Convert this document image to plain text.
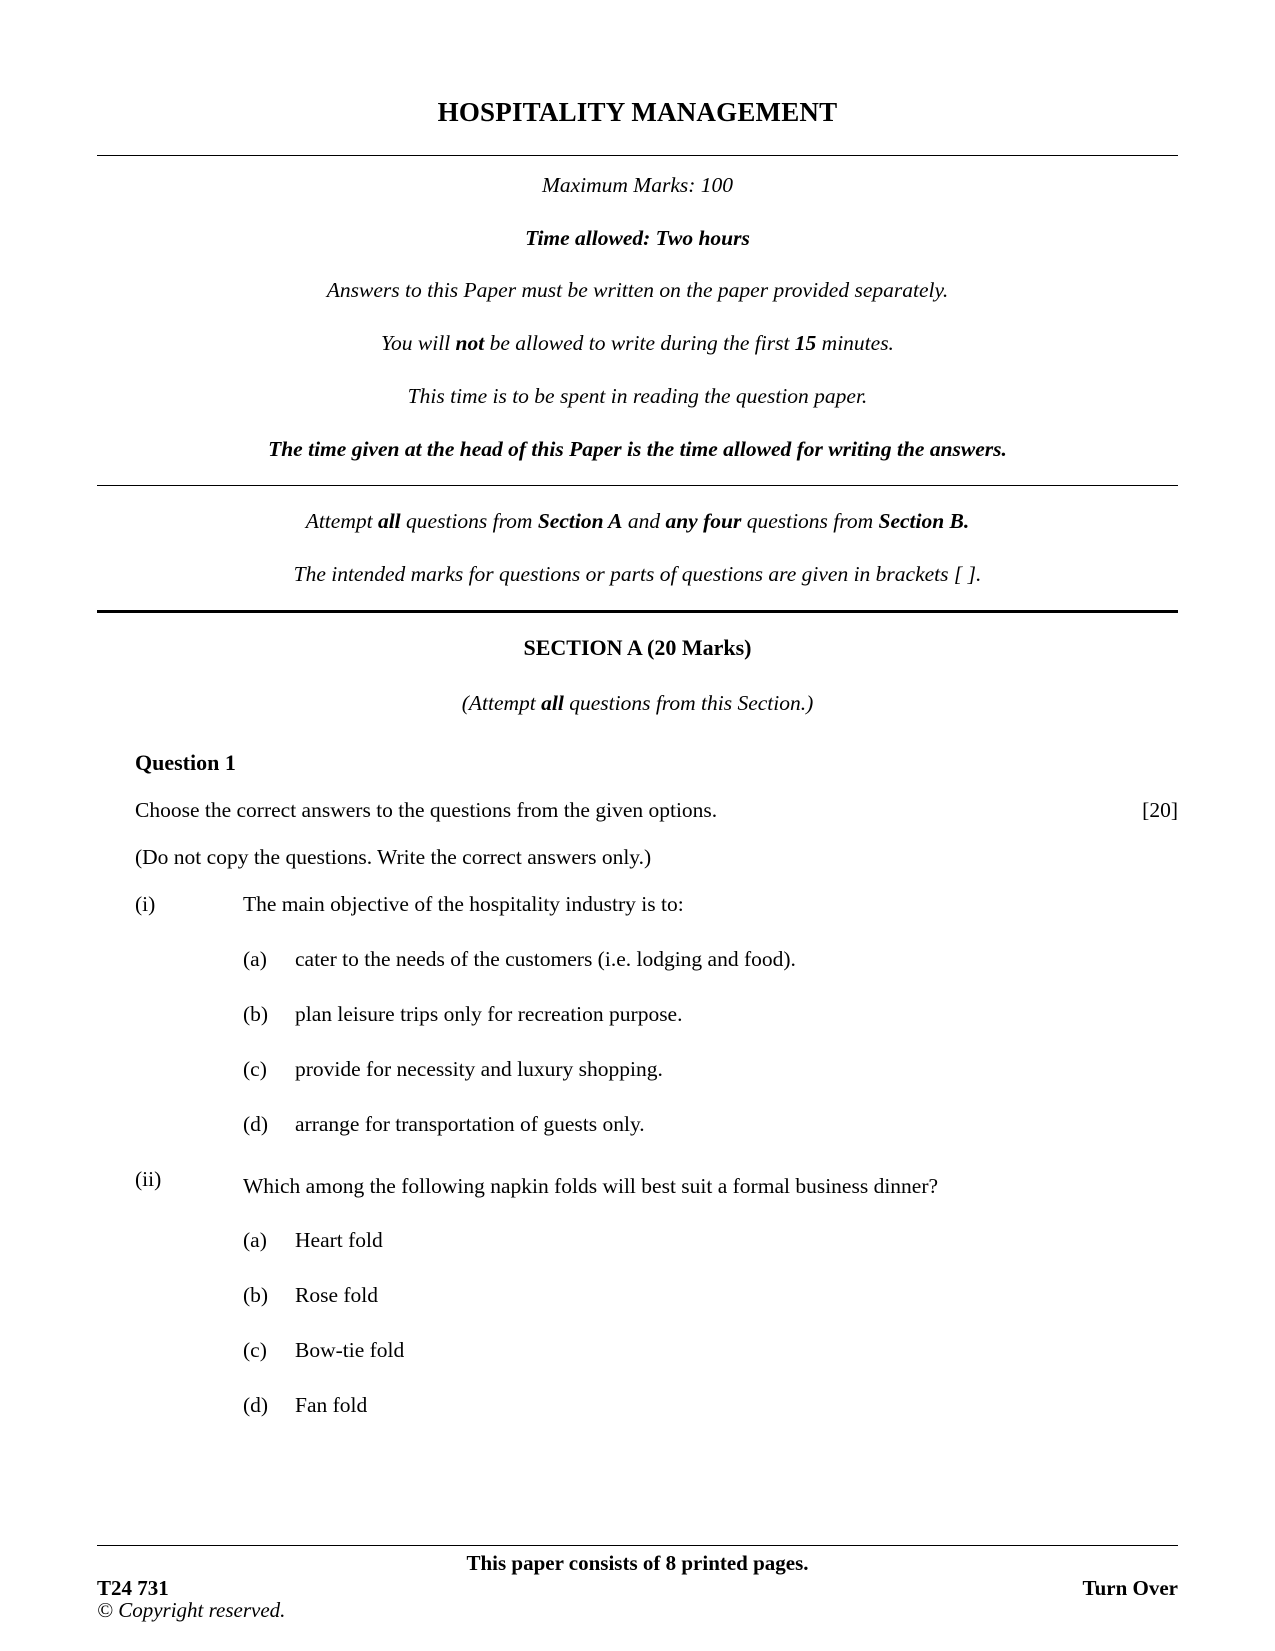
HOSPITALITY MANAGEMENT
Maximum Marks: 100
Time allowed: Two hours
Answers to this Paper must be written on the paper provided separately.
You will not be allowed to write during the first 15 minutes.
This time is to be spent in reading the question paper.
The time given at the head of this Paper is the time allowed for writing the answers.
Attempt all questions from Section A and any four questions from Section B.
The intended marks for questions or parts of questions are given in brackets [ ].
SECTION A (20 Marks)
(Attempt all questions from this Section.)
Question 1
Choose the correct answers to the questions from the given options.	[20]
(Do not copy the questions. Write the correct answers only.)
(i)	The main objective of the hospitality industry is to:
(a)	cater to the needs of the customers (i.e. lodging and food).
(b)	plan leisure trips only for recreation purpose.
(c)	provide for necessity and luxury shopping.
(d)	arrange for transportation of guests only.
(ii)	Which among the following napkin folds will best suit a formal business dinner?
(a)	Heart fold
(b)	Rose fold
(c)	Bow-tie fold
(d)	Fan fold
This paper consists of 8 printed pages.
T24 731	Turn Over
© Copyright reserved.
